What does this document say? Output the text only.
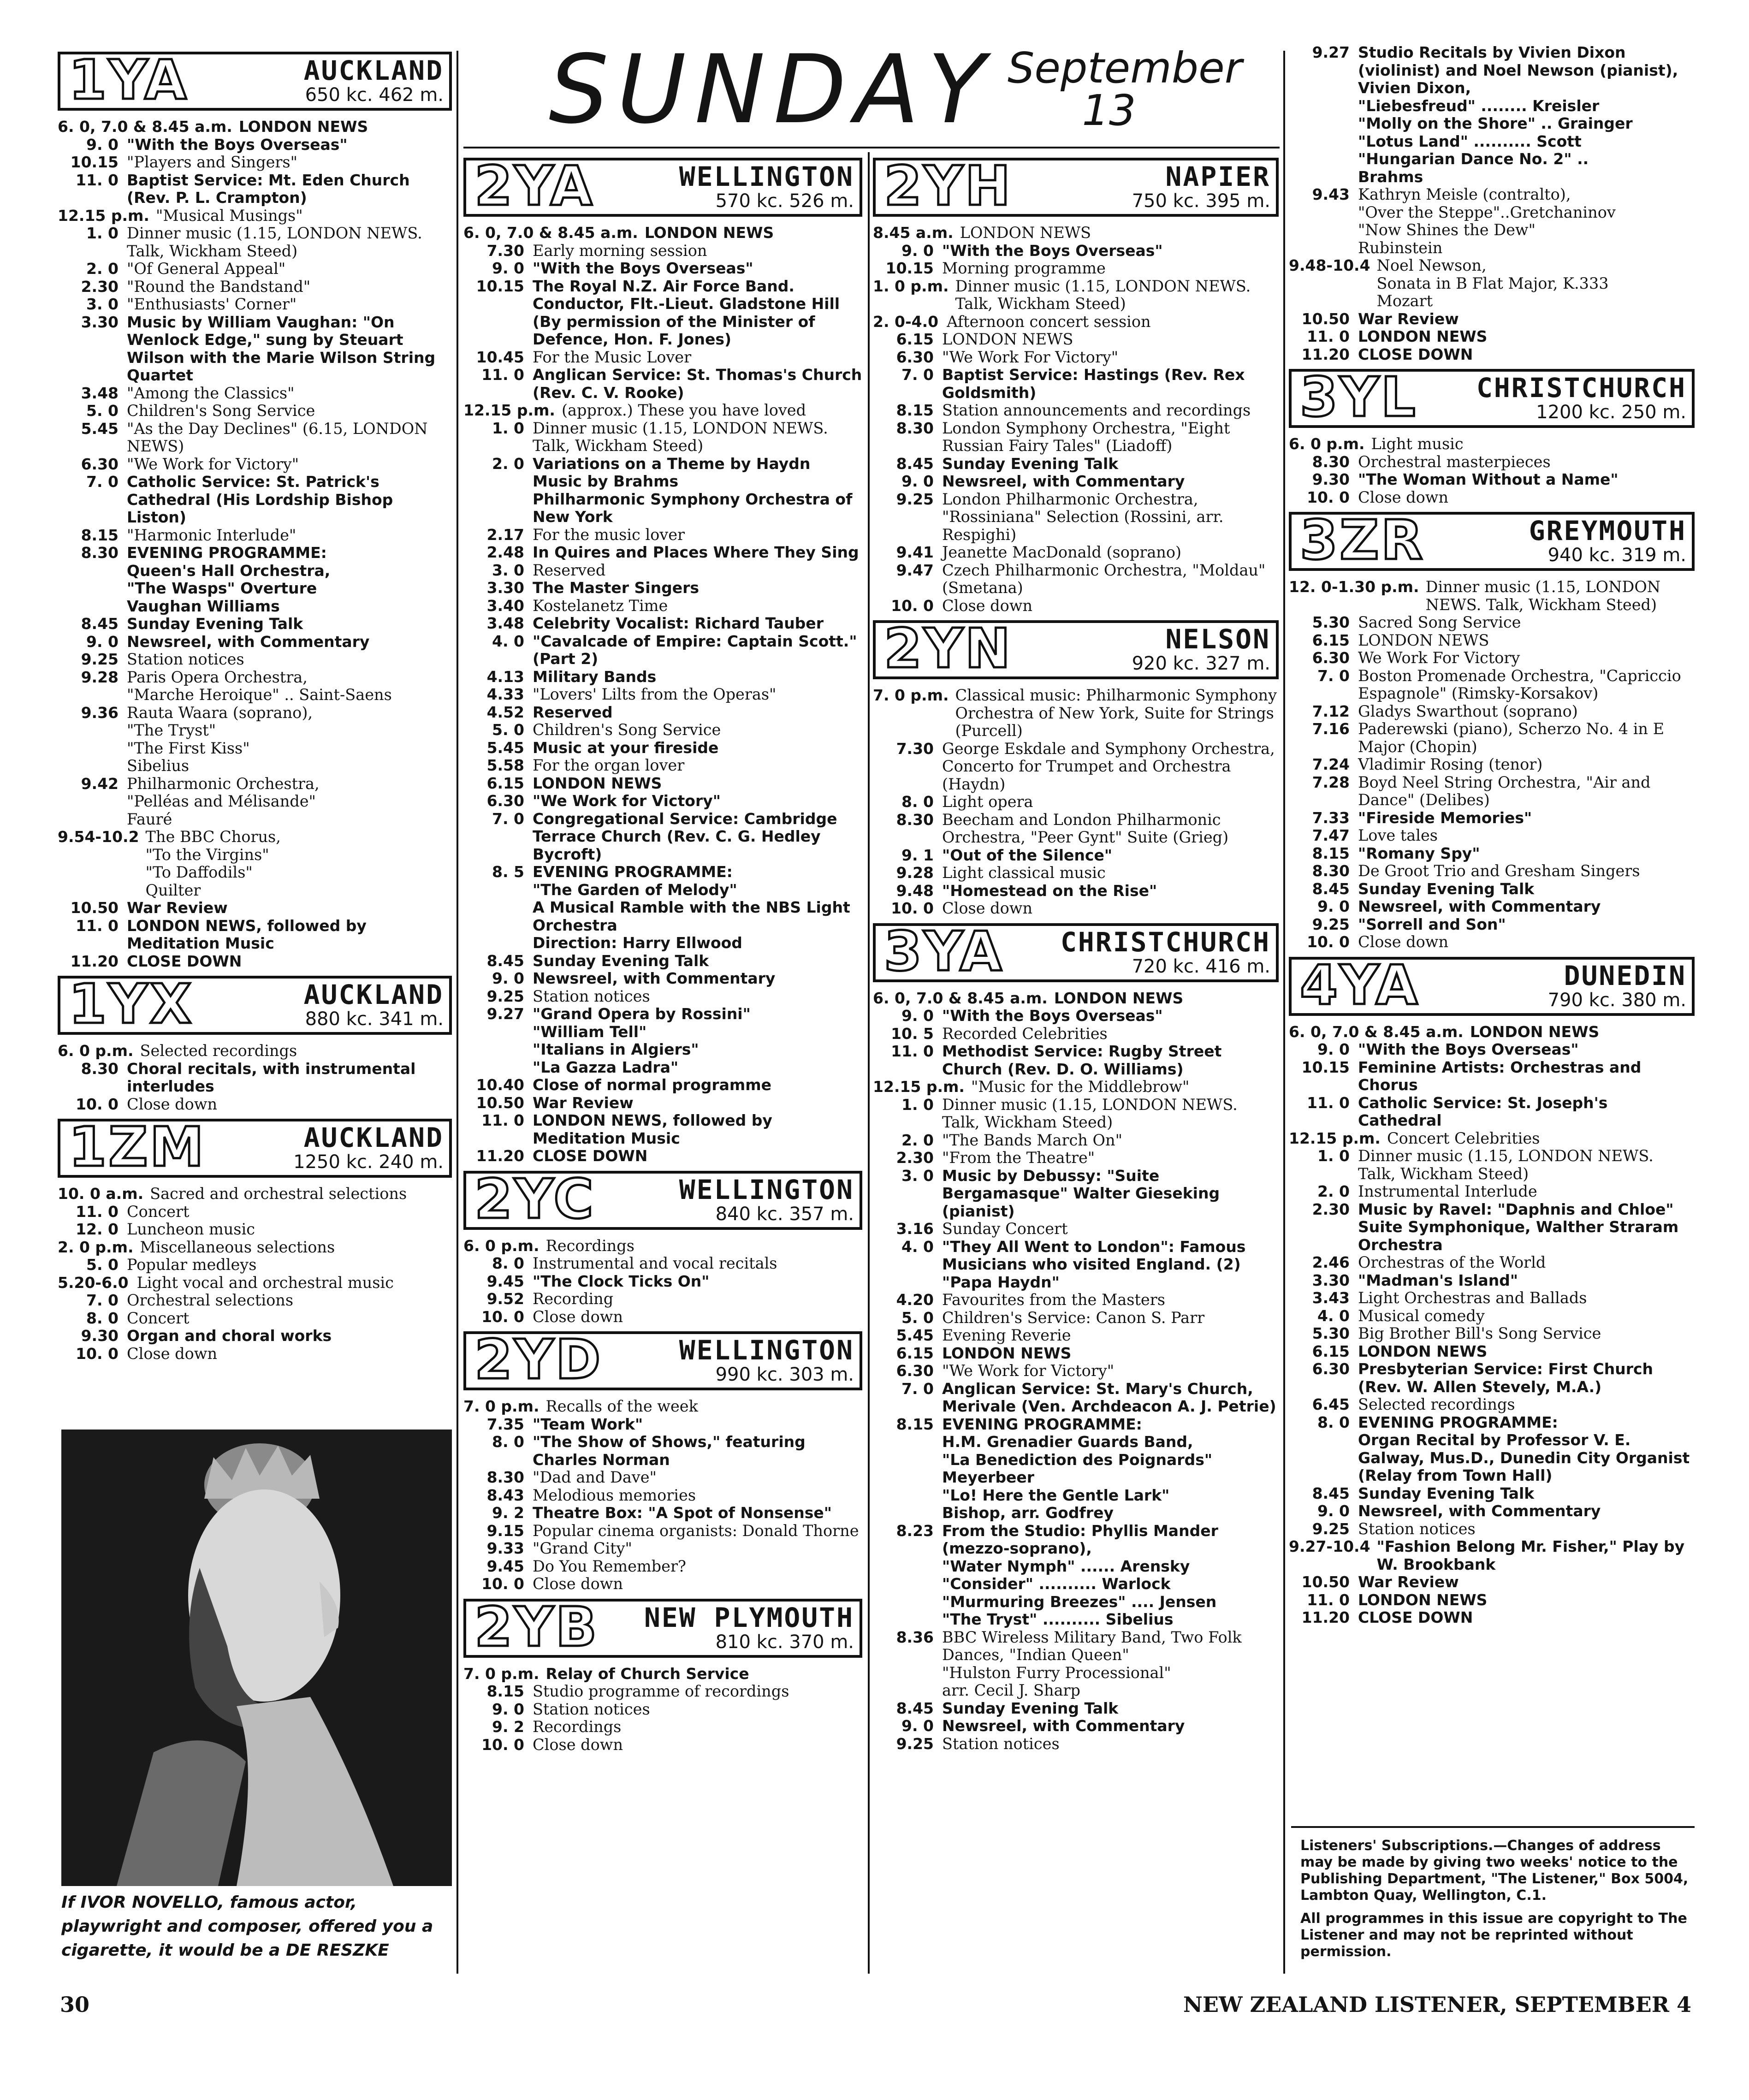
SUNDAY September
13
1YA	AUCKLAND
650 kc. 462 m.
6. 0, 7.0 & 8.45 a.m. LONDON NEWS
9. 0 "With the Boys Overseas"
10.15 "Players and Singers"
11. 0 Baptist Service: Mt. Eden Church (Rev. P. L. Crampton)
12.15 p.m. "Musical Musings"
1. 0 Dinner music (1.15, LONDON NEWS. Talk, Wickham Steed)
2. 0 "Of General Appeal"
2.30 "Round the Bandstand"
3. 0 "Enthusiasts' Corner"
3.30 Music by William Vaughan: "On Wenlock Edge," sung by Steuart Wilson with the Marie Wilson String Quartet
3.48 "Among the Classics"
5. 0 Children's Song Service
5.45 "As the Day Declines" (6.15, LONDON NEWS)
6.30 "We Work for Victory"
7. 0 Catholic Service: St. Patrick's Cathedral (His Lordship Bishop Liston)
8.15 "Harmonic Interlude"
8.30 EVENING PROGRAMME:
Queen's Hall Orchestra,
"The Wasps" Overture
Vaughan Williams
8.45 Sunday Evening Talk
9. 0 Newsreel, with Commentary
9.25 Station notices
9.28 Paris Opera Orchestra,
"Marche Heroique" .. Saint-Saens
9.36 Rauta Waara (soprano),
"The Tryst"
"The First Kiss"
Sibelius
9.42 Philharmonic Orchestra,
"Pelléas and Mélisande"
Fauré
9.54-10.2 The BBC Chorus,
"To the Virgins"
"To Daffodils"
Quilter
10.50 War Review
11. 0 LONDON NEWS, followed by Meditation Music
11.20 CLOSE DOWN
1YX	AUCKLAND
880 kc. 341 m.
6. 0 p.m. Selected recordings
8.30 Choral recitals, with instrumental interludes
10. 0 Close down
1ZM	AUCKLAND
1250 kc. 240 m.
10. 0 a.m. Sacred and orchestral selections
11. 0 Concert
12. 0 Luncheon music
2. 0 p.m. Miscellaneous selections
5. 0 Popular medleys
5.20-6.0 Light vocal and orchestral music
7. 0 Orchestral selections
8. 0 Concert
9.30 Organ and choral works
10. 0 Close down
2YA	WELLINGTON
570 kc. 526 m.
6. 0, 7.0 & 8.45 a.m. LONDON NEWS
7.30 Early morning session
9. 0 "With the Boys Overseas"
10.15 The Royal N.Z. Air Force Band. Conductor, Flt.-Lieut. Gladstone Hill (By permission of the Minister of Defence, Hon. F. Jones)
10.45 For the Music Lover
11. 0 Anglican Service: St. Thomas's Church (Rev. C. V. Rooke)
12.15 p.m. (approx.) These you have loved
1. 0 Dinner music (1.15, LONDON NEWS. Talk, Wickham Steed)
2. 0 Variations on a Theme by Haydn
Music by Brahms
Philharmonic Symphony Orchestra of New York
2.17 For the music lover
2.48 In Quires and Places Where They Sing
3. 0 Reserved
3.30 The Master Singers
3.40 Kostelanetz Time
3.48 Celebrity Vocalist: Richard Tauber
4. 0 "Cavalcade of Empire: Captain Scott." (Part 2)
4.13 Military Bands
4.33 "Lovers' Lilts from the Operas"
4.52 Reserved
5. 0 Children's Song Service
5.45 Music at your fireside
5.58 For the organ lover
6.15 LONDON NEWS
6.30 "We Work for Victory"
7. 0 Congregational Service: Cambridge Terrace Church (Rev. C. G. Hedley Bycroft)
8. 5 EVENING PROGRAMME:
"The Garden of Melody"
A Musical Ramble with the NBS Light Orchestra
Direction: Harry Ellwood
8.45 Sunday Evening Talk
9. 0 Newsreel, with Commentary
9.25 Station notices
9.27 "Grand Opera by Rossini"
"William Tell"
"Italians in Algiers"
"La Gazza Ladra"
10.40 Close of normal programme
10.50 War Review
11. 0 LONDON NEWS, followed by Meditation Music
11.20 CLOSE DOWN
2YC	WELLINGTON
840 kc. 357 m.
6. 0 p.m. Recordings
8. 0 Instrumental and vocal recitals
9.45 "The Clock Ticks On"
9.52 Recording
10. 0 Close down
2YD	WELLINGTON
990 kc. 303 m.
7. 0 p.m. Recalls of the week
7.35 "Team Work"
8. 0 "The Show of Shows," featuring Charles Norman
8.30 "Dad and Dave"
8.43 Melodious memories
9. 2 Theatre Box: "A Spot of Nonsense"
9.15 Popular cinema organists: Donald Thorne
9.33 "Grand City"
9.45 Do You Remember?
10. 0 Close down
2YB	NEW PLYMOUTH
810 kc. 370 m.
7. 0 p.m. Relay of Church Service
8.15 Studio programme of recordings
9. 0 Station notices
9. 2 Recordings
10. 0 Close down
2YH	NAPIER
750 kc. 395 m.
8.45 a.m. LONDON NEWS
9. 0 "With the Boys Overseas"
10.15 Morning programme
1. 0 p.m. Dinner music (1.15, LONDON NEWS. Talk, Wickham Steed)
2. 0-4.0 Afternoon concert session
6.15 LONDON NEWS
6.30 "We Work For Victory"
7. 0 Baptist Service: Hastings (Rev. Rex Goldsmith)
8.15 Station announcements and recordings
8.30 London Symphony Orchestra, "Eight Russian Fairy Tales" (Liadoff)
8.45 Sunday Evening Talk
9. 0 Newsreel, with Commentary
9.25 London Philharmonic Orchestra, "Rossiniana" Selection (Rossini, arr. Respighi)
9.41 Jeanette MacDonald (soprano)
9.47 Czech Philharmonic Orchestra, "Moldau" (Smetana)
10. 0 Close down
2YN	NELSON
920 kc. 327 m.
7. 0 p.m. Classical music: Philharmonic Symphony Orchestra of New York, Suite for Strings (Purcell)
7.30 George Eskdale and Symphony Orchestra, Concerto for Trumpet and Orchestra (Haydn)
8. 0 Light opera
8.30 Beecham and London Philharmonic Orchestra, "Peer Gynt" Suite (Grieg)
9. 1 "Out of the Silence"
9.28 Light classical music
9.48 "Homestead on the Rise"
10. 0 Close down
3YA	CHRISTCHURCH
720 kc. 416 m.
6. 0, 7.0 & 8.45 a.m. LONDON NEWS
9. 0 "With the Boys Overseas"
10. 5 Recorded Celebrities
11. 0 Methodist Service: Rugby Street Church (Rev. D. O. Williams)
12.15 p.m. "Music for the Middlebrow"
1. 0 Dinner music (1.15, LONDON NEWS. Talk, Wickham Steed)
2. 0 "The Bands March On"
2.30 "From the Theatre"
3. 0 Music by Debussy: "Suite Bergamasque" Walter Gieseking (pianist)
3.16 Sunday Concert
4. 0 "They All Went to London": Famous Musicians who visited England. (2) "Papa Haydn"
4.20 Favourites from the Masters
5. 0 Children's Service: Canon S. Parr
5.45 Evening Reverie
6.15 LONDON NEWS
6.30 "We Work for Victory"
7. 0 Anglican Service: St. Mary's Church, Merivale (Ven. Archdeacon A. J. Petrie)
8.15 EVENING PROGRAMME:
H.M. Grenadier Guards Band,
"La Benediction des Poignards"
Meyerbeer
"Lo! Here the Gentle Lark"
Bishop, arr. Godfrey
8.23 From the Studio: Phyllis Mander (mezzo-soprano),
"Water Nymph" ...... Arensky
"Consider" .......... Warlock
"Murmuring Breezes" .... Jensen
"The Tryst" .......... Sibelius
8.36 BBC Wireless Military Band, Two Folk Dances, "Indian Queen"
"Hulston Furry Processional"
arr. Cecil J. Sharp
8.45 Sunday Evening Talk
9. 0 Newsreel, with Commentary
9.25 Station notices
9.27 Studio Recitals by Vivien Dixon (violinist) and Noel Newson (pianist),
Vivien Dixon,
"Liebesfreud" ........ Kreisler
"Molly on the Shore" .. Grainger
"Lotus Land" .......... Scott
"Hungarian Dance No. 2" ..
Brahms
9.43 Kathryn Meisle (contralto),
"Over the Steppe"..Gretchaninov
"Now Shines the Dew"
Rubinstein
9.48-10.4 Noel Newson,
Sonata in B Flat Major, K.333
Mozart
10.50 War Review
11. 0 LONDON NEWS
11.20 CLOSE DOWN
3YL	CHRISTCHURCH
1200 kc. 250 m.
6. 0 p.m. Light music
8.30 Orchestral masterpieces
9.30 "The Woman Without a Name"
10. 0 Close down
3ZR	GREYMOUTH
940 kc. 319 m.
12. 0-1.30 p.m. Dinner music (1.15, LONDON NEWS. Talk, Wickham Steed)
5.30 Sacred Song Service
6.15 LONDON NEWS
6.30 We Work For Victory
7. 0 Boston Promenade Orchestra, "Capriccio Espagnole" (Rimsky-Korsakov)
7.12 Gladys Swarthout (soprano)
7.16 Paderewski (piano), Scherzo No. 4 in E Major (Chopin)
7.24 Vladimir Rosing (tenor)
7.28 Boyd Neel String Orchestra, "Air and Dance" (Delibes)
7.33 "Fireside Memories"
7.47 Love tales
8.15 "Romany Spy"
8.30 De Groot Trio and Gresham Singers
8.45 Sunday Evening Talk
9. 0 Newsreel, with Commentary
9.25 "Sorrell and Son"
10. 0 Close down
4YA	DUNEDIN
790 kc. 380 m.
6. 0, 7.0 & 8.45 a.m. LONDON NEWS
9. 0 "With the Boys Overseas"
10.15 Feminine Artists: Orchestras and Chorus
11. 0 Catholic Service: St. Joseph's Cathedral
12.15 p.m. Concert Celebrities
1. 0 Dinner music (1.15, LONDON NEWS. Talk, Wickham Steed)
2. 0 Instrumental Interlude
2.30 Music by Ravel: "Daphnis and Chloe" Suite Symphonique, Walther Straram Orchestra
2.46 Orchestras of the World
3.30 "Madman's Island"
3.43 Light Orchestras and Ballads
4. 0 Musical comedy
5.30 Big Brother Bill's Song Service
6.15 LONDON NEWS
6.30 Presbyterian Service: First Church (Rev. W. Allen Stevely, M.A.)
6.45 Selected recordings
8. 0 EVENING PROGRAMME:
Organ Recital by Professor V. E. Galway, Mus.D., Dunedin City Organist
(Relay from Town Hall)
8.45 Sunday Evening Talk
9. 0 Newsreel, with Commentary
9.25 Station notices
9.27-10.4 "Fashion Belong Mr. Fisher," Play by W. Brookbank
10.50 War Review
11. 0 LONDON NEWS
11.20 CLOSE DOWN
If IVOR NOVELLO, famous actor, playwright and composer, offered you a cigarette, it would be a DE RESZKE
Listeners' Subscriptions.—Changes of address may be made by giving two weeks' notice to the Publishing Department, "The Listener," Box 5004, Lambton Quay, Wellington, C.1.
All programmes in this issue are copyright to The Listener and may not be reprinted without permission.
30	NEW ZEALAND LISTENER, SEPTEMBER 4
